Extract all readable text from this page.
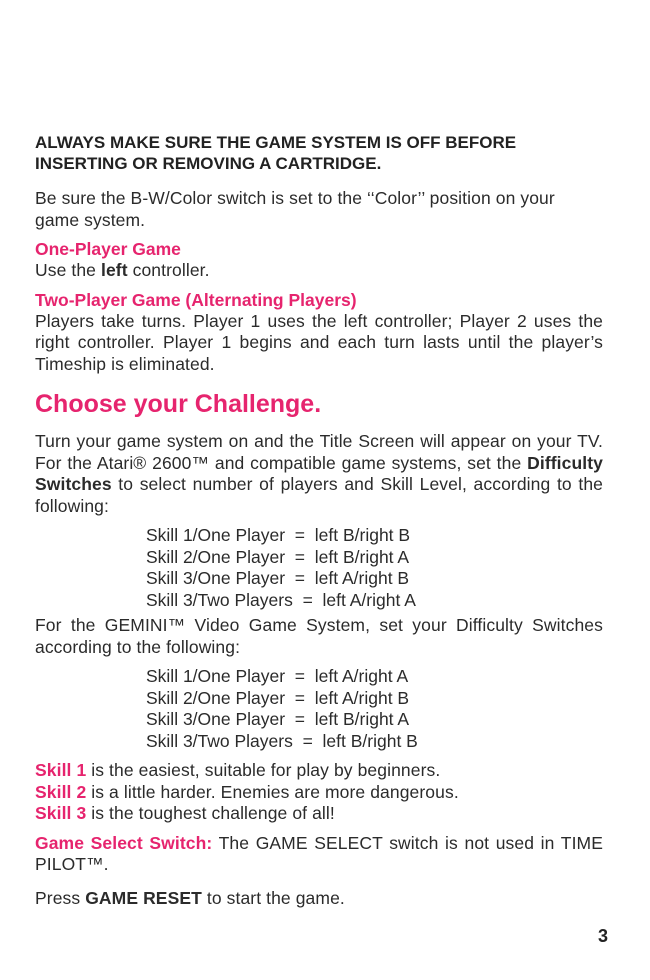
ALWAYS MAKE SURE THE GAME SYSTEM IS OFF BEFORE INSERTING OR REMOVING A CARTRIDGE.

Be sure the B-W/Color switch is set to the ‘‘Color’’ position on your game system.

One-Player Game

Use the left controller.

Two-Player Game (Alternating Players)

Players take turns. Player 1 uses the left controller; Player 2 uses the right controller. Player 1 begins and each turn lasts until the player’s Timeship is eliminated.

Choose your Challenge.

Turn your game system on and the Title Screen will appear on your TV. For the Atari® 2600™ and compatible game systems, set the Difficulty Switches to select number of players and Skill Level, according to the following:

Skill 1/One Player  =  left B/right B
Skill 2/One Player  =  left B/right A
Skill 3/One Player  =  left A/right B
Skill 3/Two Players  =  left A/right A

For the GEMINI™ Video Game System, set your Difficulty Switches according to the following:

Skill 1/One Player  =  left A/right A
Skill 2/One Player  =  left A/right B
Skill 3/One Player  =  left B/right A
Skill 3/Two Players  =  left B/right B

Skill 1 is the easiest, suitable for play by beginners.

Skill 2 is a little harder. Enemies are more dangerous.

Skill 3 is the toughest challenge of all!

Game Select Switch: The GAME SELECT switch is not used in TIME PILOT™.

Press GAME RESET to start the game.

3
